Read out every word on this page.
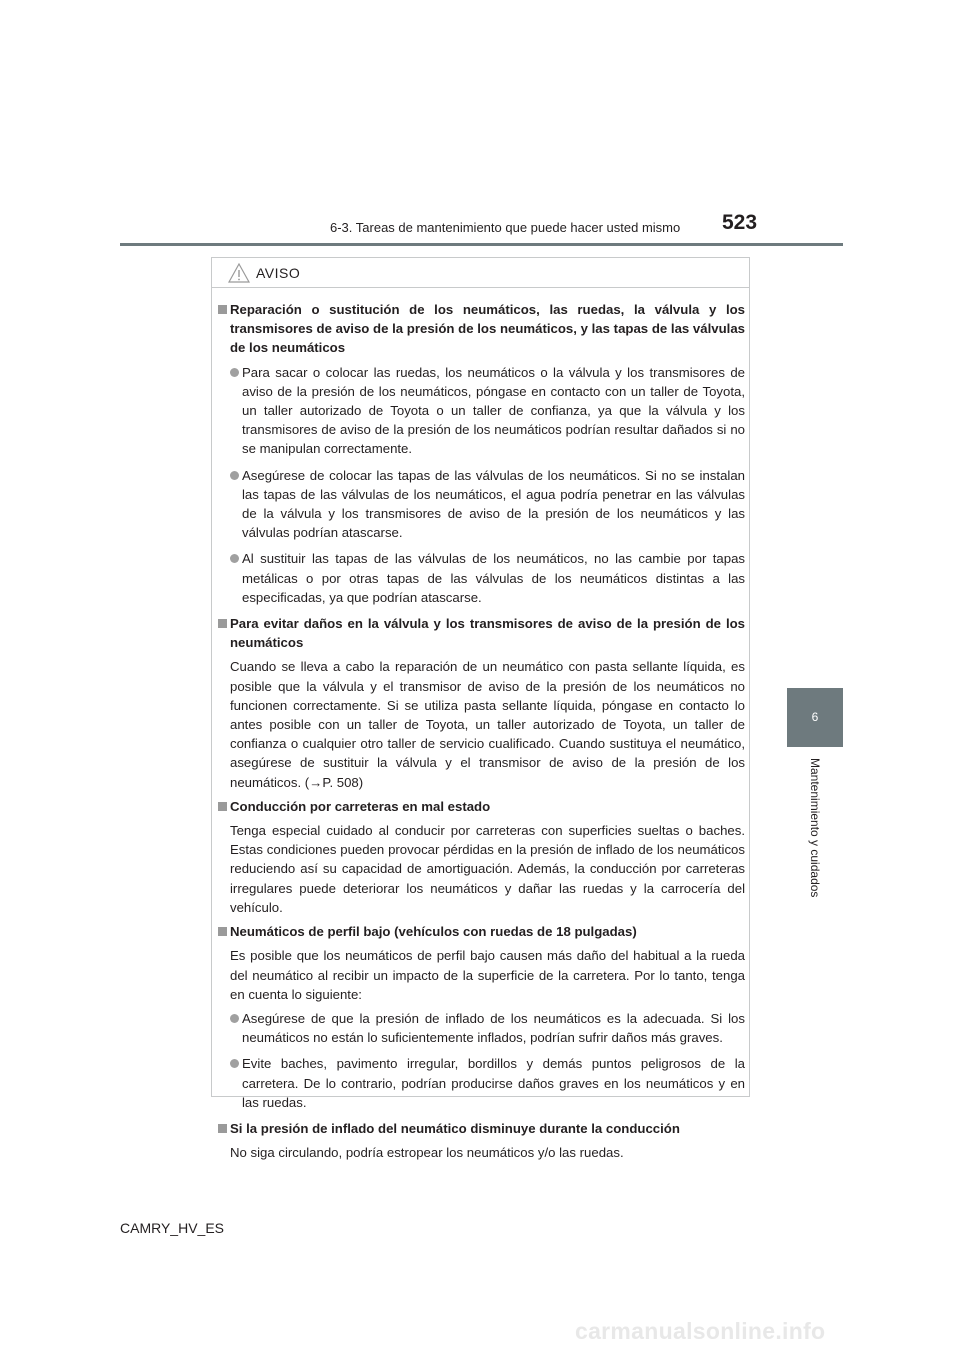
6-3. Tareas de mantenimiento que puede hacer usted mismo 523
6
Mantenimiento y cuidados
AVISO
Reparación o sustitución de los neumáticos, las ruedas, la válvula y los transmisores de aviso de la presión de los neumáticos, y las tapas de las válvulas de los neumáticos
Para sacar o colocar las ruedas, los neumáticos o la válvula y los transmisores de aviso de la presión de los neumáticos, póngase en contacto con un taller de Toyota, un taller autorizado de Toyota o un taller de confianza, ya que la válvula y los transmisores de aviso de la presión de los neumáticos podrían resultar dañados si no se manipulan correctamente.
Asegúrese de colocar las tapas de las válvulas de los neumáticos. Si no se instalan las tapas de las válvulas de los neumáticos, el agua podría penetrar en las válvulas de la válvula y los transmisores de aviso de la presión de los neumáticos y las válvulas podrían atascarse.
Al sustituir las tapas de las válvulas de los neumáticos, no las cambie por tapas metálicas o por otras tapas de las válvulas de los neumáticos distintas a las especificadas, ya que podrían atascarse.
Para evitar daños en la válvula y los transmisores de aviso de la presión de los neumáticos
Cuando se lleva a cabo la reparación de un neumático con pasta sellante líquida, es posible que la válvula y el transmisor de aviso de la presión de los neumáticos no funcionen correctamente. Si se utiliza pasta sellante líquida, póngase en contacto lo antes posible con un taller de Toyota, un taller autorizado de Toyota, un taller de confianza o cualquier otro taller de servicio cualificado. Cuando sustituya el neumático, asegúrese de sustituir la válvula y el transmisor de aviso de la presión de los neumáticos. (→P. 508)
Conducción por carreteras en mal estado
Tenga especial cuidado al conducir por carreteras con superficies sueltas o baches. Estas condiciones pueden provocar pérdidas en la presión de inflado de los neumáticos reduciendo así su capacidad de amortiguación. Además, la conducción por carreteras irregulares puede deteriorar los neumáticos y dañar las ruedas y la carrocería del vehículo.
Neumáticos de perfil bajo (vehículos con ruedas de 18 pulgadas)
Es posible que los neumáticos de perfil bajo causen más daño del habitual a la rueda del neumático al recibir un impacto de la superficie de la carretera. Por lo tanto, tenga en cuenta lo siguiente:
Asegúrese de que la presión de inflado de los neumáticos es la adecuada. Si los neumáticos no están lo suficientemente inflados, podrían sufrir daños más graves.
Evite baches, pavimento irregular, bordillos y demás puntos peligrosos de la carretera. De lo contrario, podrían producirse daños graves en los neumáticos y en las ruedas.
Si la presión de inflado del neumático disminuye durante la conducción
No siga circulando, podría estropear los neumáticos y/o las ruedas.
CAMRY_HV_ES
carmanualsonline.info
